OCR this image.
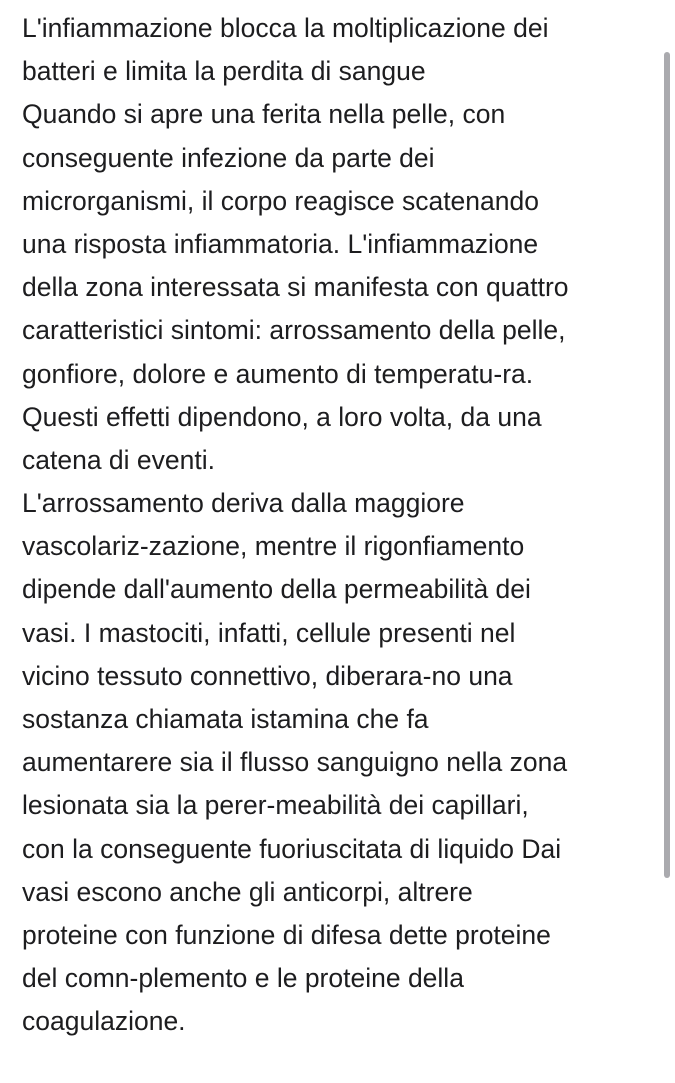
L'infiammazione blocca la moltiplicazione dei
batteri e limita la perdita di sangue
Quando si apre una ferita nella pelle, con
conseguente infezione da parte dei
microrganismi, il corpo reagisce scatenando
una risposta infiammatoria. L'infiammazione
della zona interessata si manifesta con quattro
caratteristici sintomi: arrossamento della pelle,
gonfiore, dolore e aumento di temperatu-ra.
Questi effetti dipendono, a loro volta, da una
catena di eventi.
L'arrossamento deriva dalla maggiore
vascolariz-zazione, mentre il rigonfiamento
dipende dall'aumento della permeabilità dei
vasi. I mastociti, infatti, cellule presenti nel
vicino tessuto connettivo, diberara-no una
sostanza chiamata istamina che fa
aumentarere sia il flusso sanguigno nella zona
lesionata sia la perer-meabilità dei capillari,
con la conseguente fuoriuscitata di liquido Dai
vasi escono anche gli anticorpi, altrere
proteine con funzione di difesa dette proteine
del comn-plemento e le proteine della
coagulazione.
